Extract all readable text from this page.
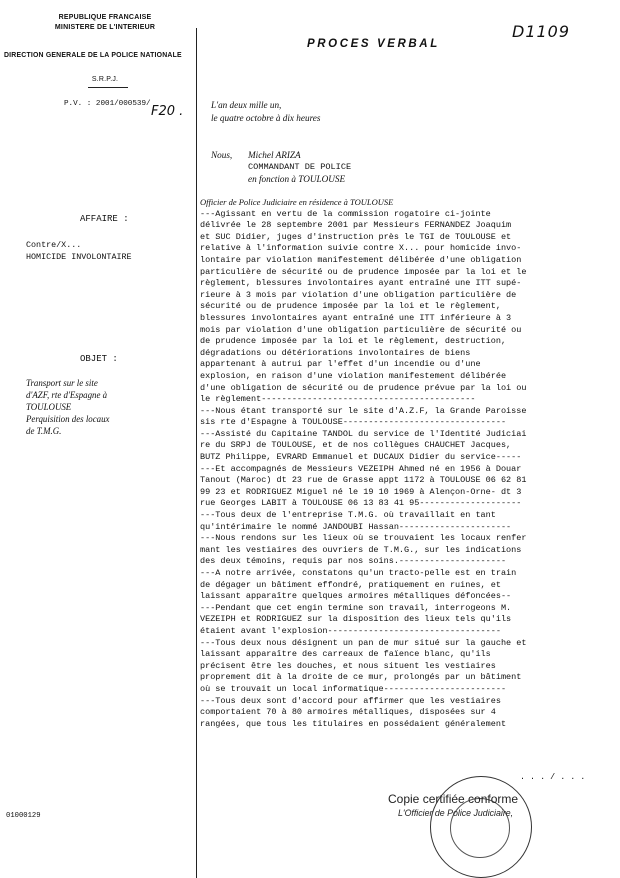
REPUBLIQUE FRANCAISE
MINISTERE DE L'INTERIEUR
DIRECTION GENERALE DE LA POLICE NATIONALE
S.R.P.J.
P.V. : 2001/000539/ F20 .
PROCES VERBAL
D1109
L'an deux mille un,
le quatre octobre à dix heures
Nous, Michel ARIZA
COMMANDANT DE POLICE
en fonction à TOULOUSE
AFFAIRE :
Contre/X...
HOMICIDE INVOLONTAIRE
OBJET :
Transport sur le site
d'AZF, rte d'Espagne à
TOULOUSE
Perquisition des locaux
de T.M.G.
01000129
Officier de Police Judiciaire en résidence à TOULOUSE
---Agissant en vertu de la commission rogatoire ci-jointe
délivrée le 28 septembre 2001 par Messieurs FERNANDEZ Joaquim
et SUC Didier, juges d'instruction près le TGI de TOULOUSE et
relative à l'information suivie contre X... pour homicide invo-
lontaire par violation manifestement délibérée d'une obligation
particulière de sécurité ou de prudence imposée par la loi et le
règlement, blessures involontaires ayant entraîné une ITT supé-
rieure à 3 mois par violation d'une obligation particulière de
sécurité ou de prudence imposée par la loi et le règlement,
blessures involontaires ayant entraîné une ITT inférieure à 3
mois par violation d'une obligation particulière de sécurité ou
de prudence imposée par la loi et le règlement, destruction,
dégradations ou détériorations involontaires de biens
appartenant à autrui par l'effet d'un incendie ou d'une
explosion, en raison d'une violation manifestement délibérée
d'une obligation de sécurité ou de prudence prévue par la loi ou
le règlement------------------------------------------
---Nous étant transporté sur le site d'A.Z.F, la Grande Paroisse
sis rte d'Espagne à TOULOUSE--------------------------------
---Assisté du Capitaine TANDOL du service de l'Identité Judiciai
re du SRPJ de TOULOUSE, et de nos collègues CHAUCHET Jacques,
BUTZ Philippe, EVRARD Emmanuel et DUCAUX Didier du service-----
---Et accompagnés de Messieurs VEZEIPH Ahmed né en 1956 à Douar
Tanout (Maroc) dt 23 rue de Grasse appt 1172 à TOULOUSE 06 62 81
99 23 et RODRIGUEZ Miguel né le 19 10 1969 à Alençon-Orne- dt 3
rue Georges LABIT à TOULOUSE 06 13 83 41 95--------------------
---Tous deux de l'entreprise T.M.G. où travaillait en tant
qu'intérimaire le nommé JANDOUBI Hassan----------------------
---Nous rendons sur les lieux où se trouvaient les locaux renfer
mant les vestiaires des ouvriers de T.M.G., sur les indications
des deux témoins, requis par nos soins.---------------------
---A notre arrivée, constatons qu'un tracto-pelle est en train
de dégager un bâtiment effondré, pratiquement en ruines, et
laissant apparaître quelques armoires métalliques défoncées--
---Pendant que cet engin termine son travail, interrogeons M.
VEZEIPH et RODRIGUEZ sur la disposition des lieux tels qu'ils
étaient avant l'explosion----------------------------------
---Tous deux nous désignent un pan de mur situé sur la gauche et
laissant apparaître des carreaux de faïence blanc, qu'ils
précisent être les douches, et nous situent les vestiaires
proprement dit à la droite de ce mur, prolongés par un bâtiment
où se trouvait un local informatique------------------------
---Tous deux sont d'accord pour affirmer que les vestiaires
comportaient 70 à 80 armoires métalliques, disposées sur 4
rangées, que tous les titulaires en possédaient généralement
. . . / . . .
Copie certifiée conforme
L'Officier de Police Judiciaire,
